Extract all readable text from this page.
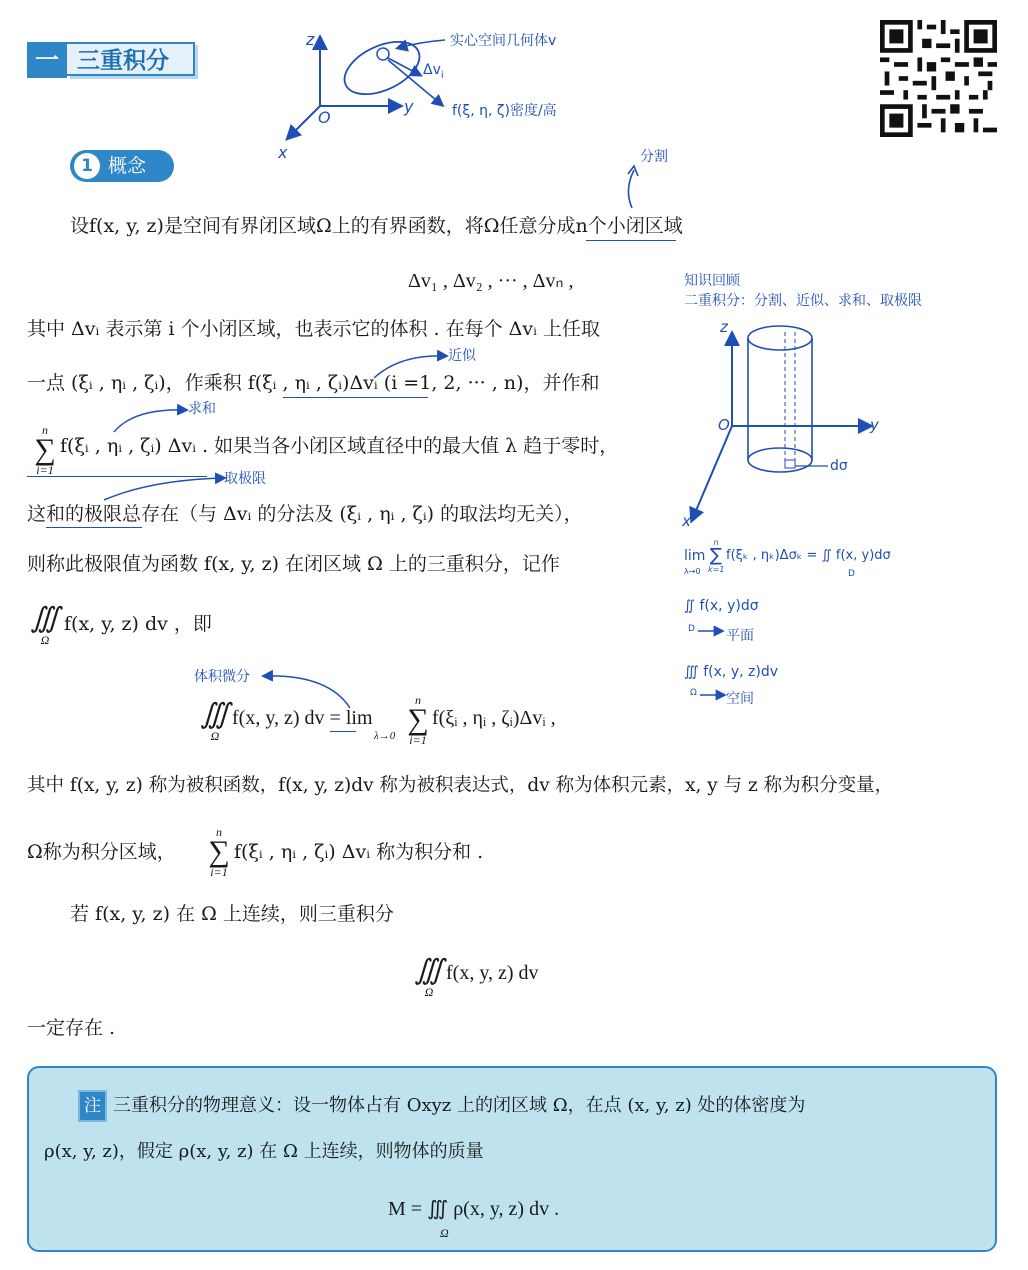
一 三重积分
z
y
x
O
实心空间几何体v
$\Delta v_i$
f(ξ, η, ζ)密度/高
1 概念	分割
设f(x, y, z)是空间有界闭区域Ω上的有界函数，将Ω任意分成n个小闭区域
Δv₁ , Δv₂ , ··· , Δvₙ ,
其中 Δvᵢ 表示第 i 个小闭区域，也表示它的体积 . 在每个 Δvᵢ 上任取
近似
一点 (ξᵢ , ηᵢ , ζᵢ)，作乘积 f(ξᵢ , ηᵢ , ζᵢ)Δvᵢ (i =1, 2, ··· , n)，并作和
求和
n
∑
i=1
f(ξᵢ , ηᵢ , ζᵢ) Δvᵢ . 如果当各小闭区域直径中的最大值 λ 趋于零时，
取极限
这和的极限总存在（与 Δvᵢ 的分法及 (ξᵢ , ηᵢ , ζᵢ) 的取法均无关），
则称此极限值为函数 f(x, y, z) 在闭区域 Ω 上的三重积分，记作
∭
Ω
f(x, y, z) dv ，即
体积微分
∭
Ω
f(x, y, z) dv = lim
λ→0
n
∑
i=1
f(ξᵢ , ηᵢ , ζᵢ)Δvᵢ ,
其中 f(x, y, z) 称为被积函数，f(x, y, z)dv 称为被积表达式，dv 称为体积元素，x, y 与 z 称为积分变量，
Ω称为积分区域，
n
∑
i=1
f(ξᵢ , ηᵢ , ζᵢ) Δvᵢ 称为积分和 .
若 f(x, y, z) 在 Ω 上连续，则三重积分
∭
Ω
f(x, y, z) dv
一定存在 .
知识回顾
二重积分：分割、近似、求和、取极限
z
y
x
O
dσ
lim
λ→0
n
∑
k=1
f(ξₖ , ηₖ)Δσₖ = ∬ f(x, y)dσ
D
∬ f(x, y)dσ
D 平面
∭ f(x, y, z)dv
Ω 空间
注 三重积分的物理意义：设一物体占有 Oxyz 上的闭区域 Ω，在点 (x, y, z) 处的体密度为
ρ(x, y, z)，假定 ρ(x, y, z) 在 Ω 上连续，则物体的质量
M = ∭ ρ(x, y, z) dv .
Ω
